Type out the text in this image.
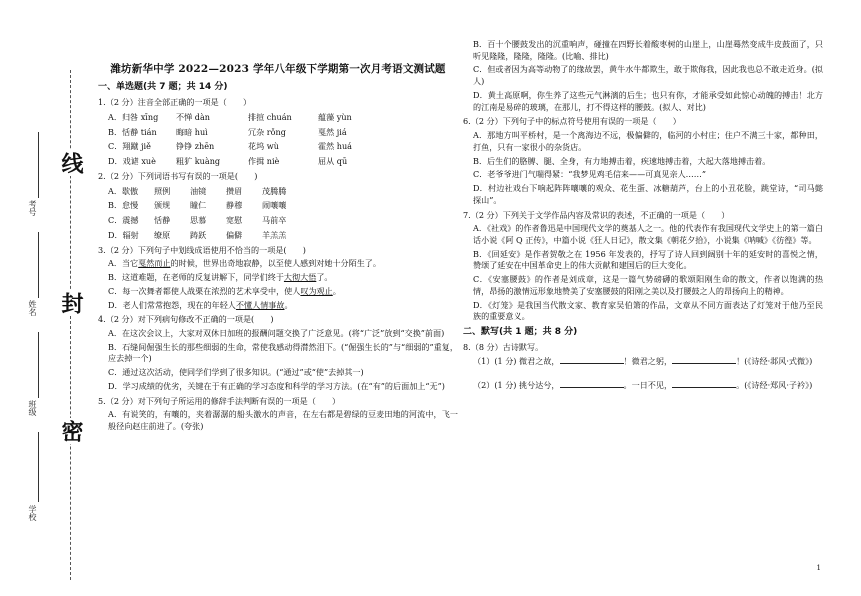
线
封
密
考号
姓名
班级
学校
潍坊新华中学 2022—2023 学年八年级下学期第一次月考语文测试题
一、单选题(共 7 题；共 14 分)
1.（2 分）注音全部正确的一项是（　　）
A．归咎 xīng	不惮 dàn	排揎 chuán	蕴藻 yùn
B．恬静 tián	晦暗 huì	冗杂 rǒng	戛然 jiá
C．翔蹴 jiě	铮铮 zhēn	花坞 wù	霍然 huá
D．戏谑 xuè	粗犷 kuàng	作揖 niè	屈从 qū
2.（2 分）下列词语书写有误的一项是(　　)
A．歇傲	照例	油镜	攒眉	茂腾腾
B．怠慢	颁规	瞳仁	静穆	闹嚷嚷
C．震撼	恬静	思慕	宽慰	马前卒
D．辐射	缭原	踌跃	偏僻	羊羔羔
3.（2 分）下列句子中划线成语使用不恰当的一项是(　　)
A．当它戛然而止的时候，世界出奇地寂静，以至使人感到对她十分陌生了。
B．这道难题，在老师的反复讲解下，同学们终于大彻大悟了。
C．每一次舞者都使人战栗在浓烈的艺术享受中，使人叹为观止。
D．老人们常常抱怨，现在的年轻人不懂人情事故。
4.（2 分）对下列病句修改不正确的一项是(　　)
A．在这次会议上，大家对双休日加班的报酬问题交换了广泛意见。(将“广泛”放到“交换”前面)
B．石缝间倔强生长的那些细弱的生命，常使我感动得潸然泪下。(“倔强生长的”与“细弱的”重复，应去掉一个)
C．通过这次活动，使同学们学到了很多知识。(“通过”或“使”去掉其一)
D．学习成绩的优劣，关键在于有正确的学习态度和科学的学习方法。(在“有”的后面加上“无”)
5.（2 分）对下列句子所运用的修辞手法判断有误的一项是（　　）
A．有说笑的，有嚷的，夹着潺潺的船头激水的声音，在左右都是碧绿的豆麦田地的河流中，飞一般径向赵庄前进了。(夸张)
B．百十个腰鼓发出的沉重响声，碰撞在四野长着酸枣树的山崖上，山崖蓦然变成牛皮鼓面了，只听见隆隆，隆隆，隆隆。(比喻、排比)
C．但或者因为高等动物了的缘故罢，黄牛水牛都欺生，敢于欺侮我，因此我也总不敢走近身。(拟人)
D．黄土高原啊，你生养了这些元气淋漓的后生；也只有你，才能承受如此惊心动魄的搏击！北方的江南是易碎的玻璃，在那儿，打不得这样的腰鼓。(拟人、对比)
6.（2 分）下列句子中的标点符号使用有误的一项是（　　）
A．那地方叫平桥村，是一个离海边不远，极偏僻的，临河的小村庄；住户不满三十家，都种田，打鱼，只有一家很小的杂货店。
B．后生们的胳膊、腿、全身，有力地搏击着，疾速地搏击着，大起大落地搏击着。
C．老爷爷进门气喘得紧：“我梦见鸡毛信来——可真见亲人……”
D．村边社戏台下响起阵阵嚷嚷的观众、花生蛋、冰糖葫芦，台上的小丑花脸，跳堂诗，“司马懿探山”。
7.（2 分）下列关于文学作品内容及常识的表述，不正确的一项是（　　）
A．《社戏》的作者鲁迅是中国现代文学的奠基人之一。他的代表作有我国现代文学史上的第一篇白话小说《阿 Q 正传》，中篇小说《狂人日记》，散文集《朝花夕拾》，小说集《呐喊》《彷徨》等。
B．《回延安》是作者贺敬之在 1956 年发表的，抒写了诗人回到阔别十年的延安时的喜悦之情，赞颂了延安在中国革命史上的伟大贡献和建国后的巨大变化。
C．《安塞腰鼓》的作者是刘成章，这是一篇气势磅礴的歌颂阳刚生命的散文，作者以饱满的热情，昂扬的激情远形象地赞美了安塞腰鼓的阳刚之美以及打腰鼓之人的昂扬向上的精神。
D．《灯笼》是我国当代散文家、教育家吴伯箫的作品，文章从不同方面表达了灯笼对于他乃至民族的重要意义。
二、默写(共 1 题；共 8 分)
8.（8 分）古诗默写。
（1）(1 分) 微君之故，	！微君之躬，	！(《诗经·邶风·式微》)
（2）(1 分) 挑兮达兮，	。一日不见，	。(《诗经·郑风·子衿》)
1
